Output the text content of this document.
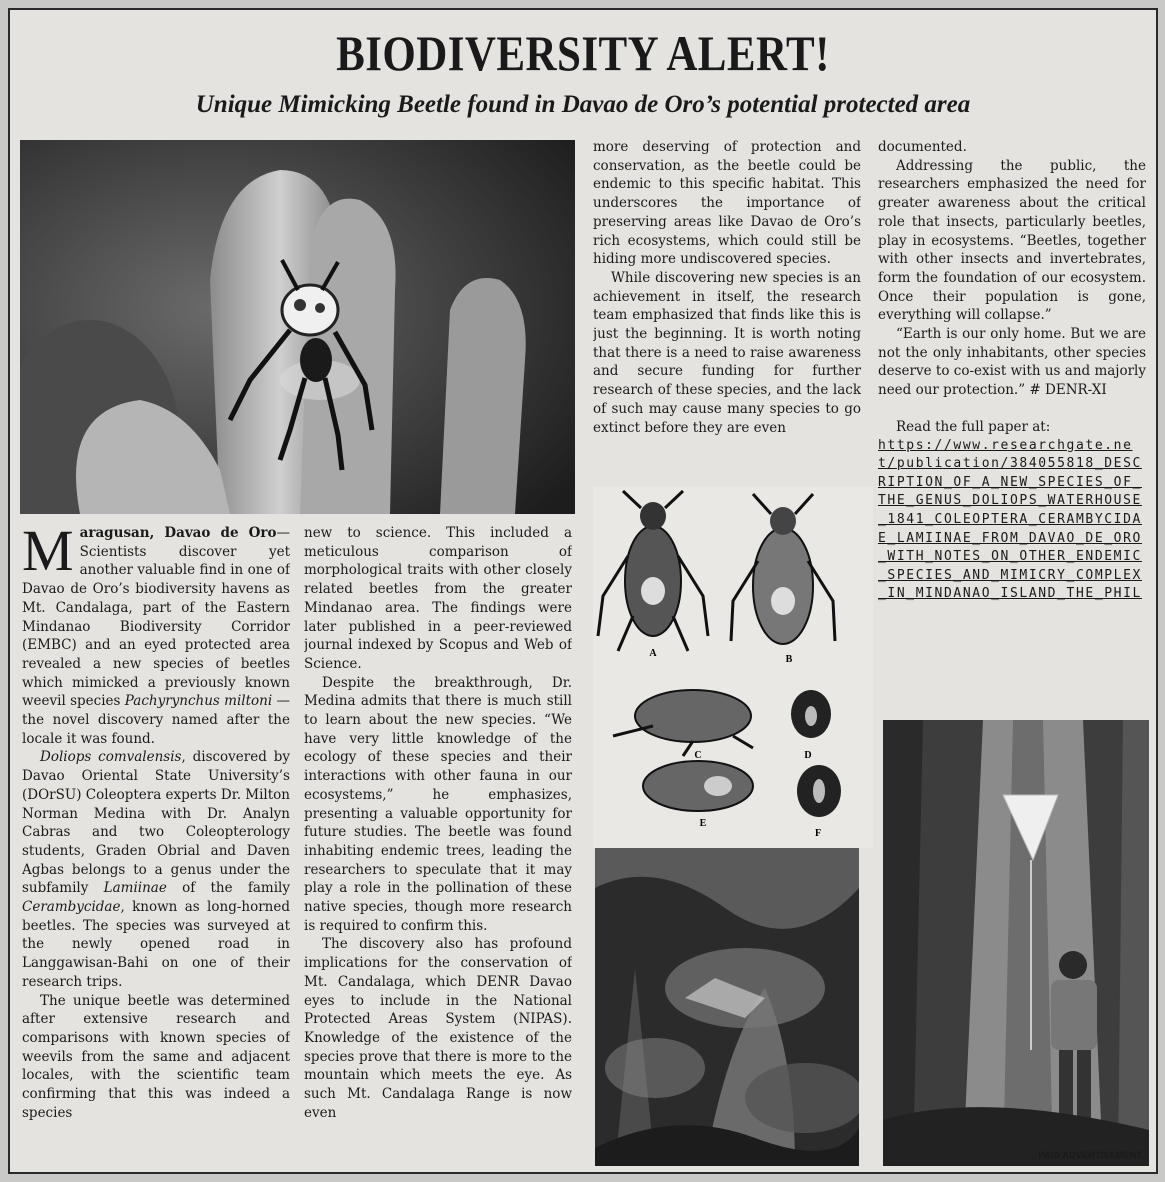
BIODIVERSITY ALERT!
Unique Mimicking Beetle found in Davao de Oro’s potential protected area

Maragusan, Davao de Oro— Scientists discover yet another valuable find in one of Davao de Oro’s biodiversity havens as Mt. Candalaga, part of the Eastern Mindanao Biodiversity Corridor (EMBC) and an eyed protected area revealed a new species of beetles which mimicked a previously known weevil species Pachyrynchus miltoni — the novel discovery named after the locale it was found.

Doliops comvalensis, discovered by Davao Oriental State University’s (DOrSU) Coleoptera experts Dr. Milton Norman Medina with Dr. Analyn Cabras and two Coleopterology students, Graden Obrial and Daven Agbas belongs to a genus under the subfamily Lamiinae of the family Cerambycidae, known as long-horned beetles. The species was surveyed at the newly opened road in Langgawisan-Bahi on one of their research trips.

The unique beetle was determined after extensive research and comparisons with known species of weevils from the same and adjacent locales, with the scientific team confirming that this was indeed a species

new to science. This included a meticulous comparison of morphological traits with other closely related beetles from the greater Mindanao area. The findings were later published in a peer-reviewed journal indexed by Scopus and Web of Science.

Despite the breakthrough, Dr. Medina admits that there is much still to learn about the new species. “We have very little knowledge of the ecology of these species and their interactions with other fauna in our ecosystems,” he emphasizes, presenting a valuable opportunity for future studies. The beetle was found inhabiting endemic trees, leading the researchers to speculate that it may play a role in the pollination of these native species, though more research is required to confirm this.

The discovery also has profound implications for the conservation of Mt. Candalaga, which DENR Davao eyes to include in the National Protected Areas System (NIPAS). Knowledge of the existence of the species prove that there is more to the mountain which meets the eye. As such Mt. Candalaga Range is now even

more deserving of protection and conservation, as the beetle could be endemic to this specific habitat. This underscores the importance of preserving areas like Davao de Oro’s rich ecosystems, which could still be hiding more undiscovered species.

While discovering new species is an achievement in itself, the research team emphasized that finds like this is just the beginning. It is worth noting that there is a need to raise awareness and secure funding for further research of these species, and the lack of such may cause many species to go extinct before they are even

documented.

Addressing the public, the researchers emphasized the need for greater awareness about the critical role that insects, particularly beetles, play in ecosystems. “Beetles, together with other insects and invertebrates, form the foundation of our ecosystem. Once their population is gone, everything will collapse.”

“Earth is our only home. But we are not the only inhabitants, other species deserve to co-exist with us and majorly need our protection.” # DENR-XI

Read the full paper at:

https://www.researchgate.net/publication/384055818_DESCRIPTION_OF_A_NEW_SPECIES_OF_THE_GENUS_DOLIOPS_WATERHOUSE_1841_COLEOPTERA_CERAMBYCIDAE_LAMIINAE_FROM_DAVAO_DE_ORO_WITH_NOTES_ON_OTHER_ENDEMIC_SPECIES_AND_MIMICRY_COMPLEX_IN_MINDANAO_ISLAND_THE_PHIL
A
B
C	D
E
F
PAID ADVERTISEMENT
